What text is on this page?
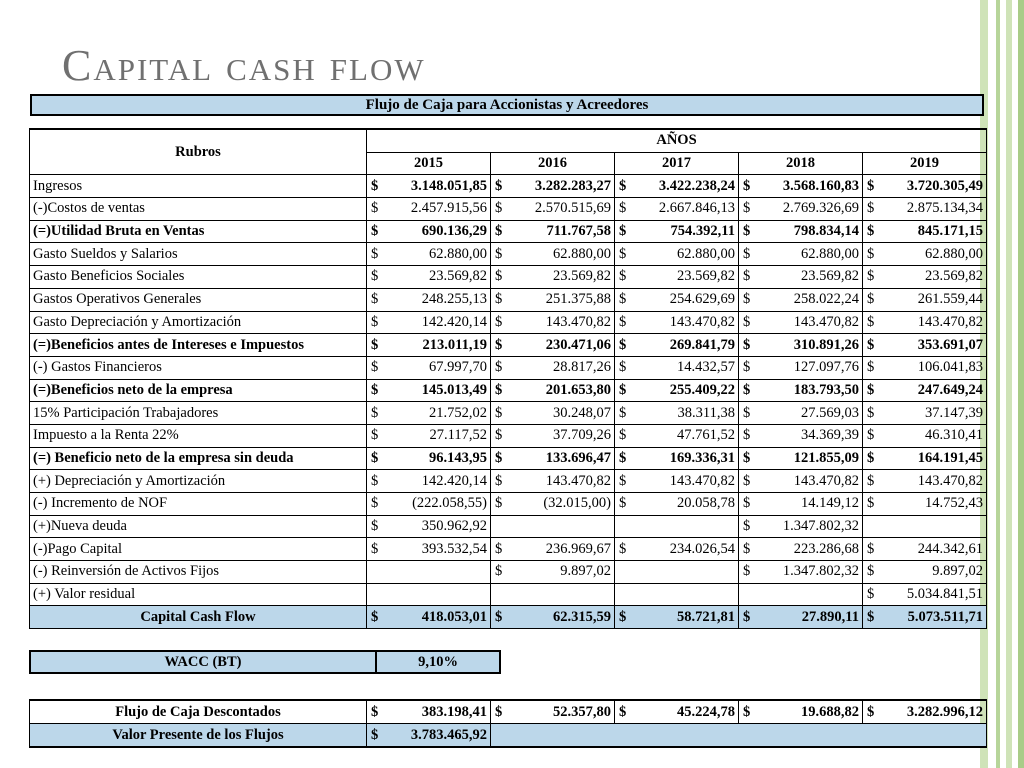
Capital cash flow
Flujo de Caja para Accionistas y Acreedores
Rubros	AÑOS									
	2015		2016		2017		2018		2019	
Ingresos	$	3.148.051,85	$	3.282.283,27	$	3.422.238,24	$	3.568.160,83	$	3.720.305,49
(-)Costos de ventas	$	2.457.915,56	$	2.570.515,69	$	2.667.846,13	$	2.769.326,69	$	2.875.134,34
(=)Utilidad Bruta en Ventas	$	690.136,29	$	711.767,58	$	754.392,11	$	798.834,14	$	845.171,15
Gasto Sueldos y Salarios	$	62.880,00	$	62.880,00	$	62.880,00	$	62.880,00	$	62.880,00
Gasto Beneficios Sociales	$	23.569,82	$	23.569,82	$	23.569,82	$	23.569,82	$	23.569,82
Gastos Operativos Generales	$	248.255,13	$	251.375,88	$	254.629,69	$	258.022,24	$	261.559,44
Gasto Depreciación y Amortización	$	142.420,14	$	143.470,82	$	143.470,82	$	143.470,82	$	143.470,82
(=)Beneficios antes de Intereses e Impuestos	$	213.011,19	$	230.471,06	$	269.841,79	$	310.891,26	$	353.691,07
(-) Gastos Financieros	$	67.997,70	$	28.817,26	$	14.432,57	$	127.097,76	$	106.041,83
(=)Beneficios neto de la empresa	$	145.013,49	$	201.653,80	$	255.409,22	$	183.793,50	$	247.649,24
15% Participación Trabajadores	$	21.752,02	$	30.248,07	$	38.311,38	$	27.569,03	$	37.147,39
Impuesto a la Renta 22%	$	27.117,52	$	37.709,26	$	47.761,52	$	34.369,39	$	46.310,41
(=) Beneficio neto de la empresa sin deuda	$	96.143,95	$	133.696,47	$	169.336,31	$	121.855,09	$	164.191,45
(+) Depreciación y Amortización	$	142.420,14	$	143.470,82	$	143.470,82	$	143.470,82	$	143.470,82
(-) Incremento de NOF	$	(222.058,55)	$	(32.015,00)	$	20.058,78	$	14.149,12	$	14.752,43
(+)Nueva deuda	$	350.962,92					$	1.347.802,32		
(-)Pago Capital	$	393.532,54	$	236.969,67	$	234.026,54	$	223.286,68	$	244.342,61
(-) Reinversión de Activos Fijos			$	9.897,02			$	1.347.802,32	$	9.897,02
(+) Valor residual									$	5.034.841,51
Capital Cash Flow	$	418.053,01	$	62.315,59	$	58.721,81	$	27.890,11	$	5.073.511,71
WACC (BT)	9,10%
Flujo de Caja Descontados	$	383.198,41	$	52.357,80	$	45.224,78	$	19.688,82	$	3.282.996,12
Valor Presente de los Flujos	$	3.783.465,92								
